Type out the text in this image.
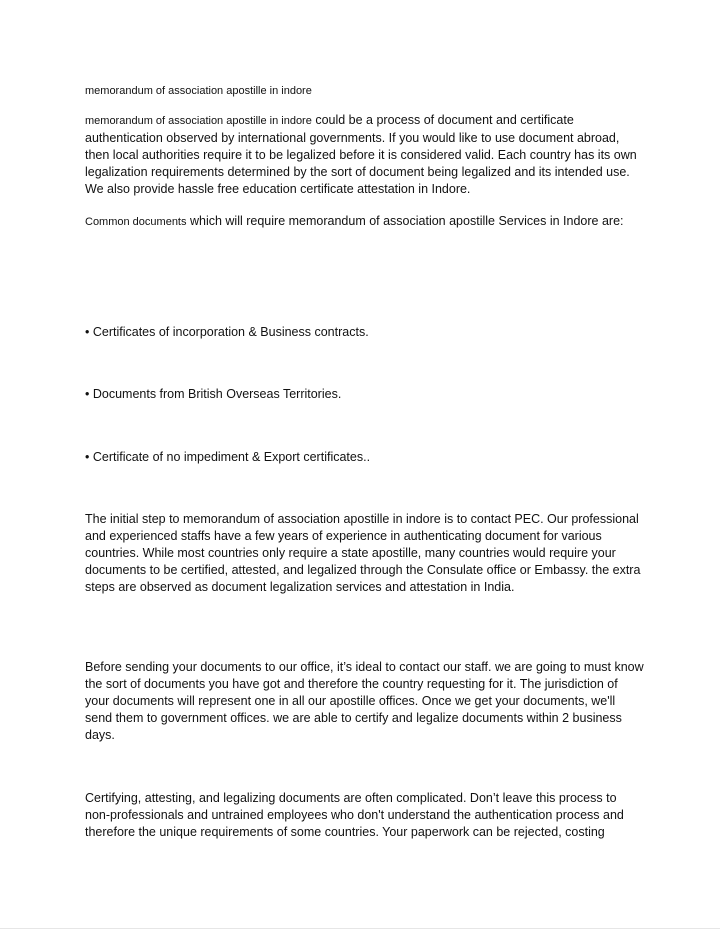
memorandum of association apostille in indore
memorandum of association apostille in indore could be a process of document and certificate authentication observed by international governments. If you would like to use document abroad, then local authorities require it to be legalized before it is considered valid. Each country has its own legalization requirements determined by the sort of document being legalized and its intended use. We also provide hassle free education certificate attestation in Indore.
Common documents which will require memorandum of association apostille Services in Indore are:
• Certificates of incorporation & Business contracts.
• Documents from British Overseas Territories.
• Certificate of no impediment & Export certificates..
The initial step to memorandum of association apostille in indore is to contact PEC. Our professional and experienced staffs have a few years of experience in authenticating document for various countries. While most countries only require a state apostille, many countries would require your documents to be certified, attested, and legalized through the Consulate office or Embassy. the extra steps are observed as document legalization services and attestation in India.
Before sending your documents to our office, it’s ideal to contact our staff. we are going to must know the sort of documents you have got and therefore the country requesting for it. The jurisdiction of your documents will represent one in all our apostille offices. Once we get your documents, we'll send them to government offices. we are able to certify and legalize documents within 2 business days.
Certifying, attesting, and legalizing documents are often complicated. Don’t leave this process to non-professionals and untrained employees who don't understand the authentication process and therefore the unique requirements of some countries. Your paperwork can be rejected, costing
